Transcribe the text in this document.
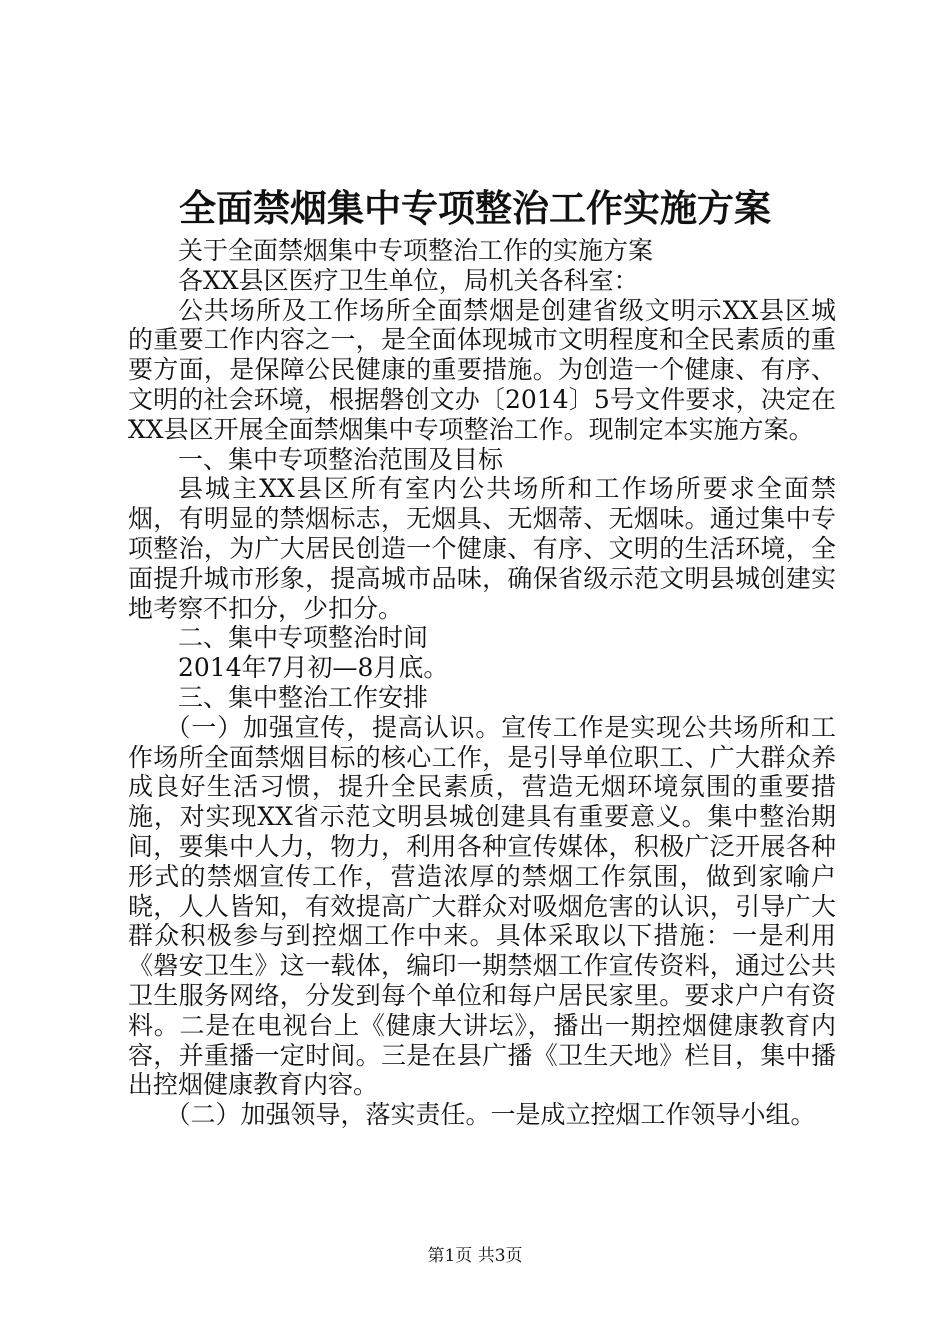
全面禁烟集中专项整治工作实施方案

关于全面禁烟集中专项整治工作的实施方案

各XX县区医疗卫生单位，局机关各科室：

公共场所及工作场所全面禁烟是创建省级文明示XX县区城的重要工作内容之一，是全面体现城市文明程度和全民素质的重要方面，是保障公民健康的重要措施。为创造一个健康、有序、文明的社会环境，根据磐创文办〔2014〕5号文件要求，决定在XX县区开展全面禁烟集中专项整治工作。现制定本实施方案。

一、集中专项整治范围及目标

县城主XX县区所有室内公共场所和工作场所要求全面禁烟，有明显的禁烟标志，无烟具、无烟蒂、无烟味。通过集中专项整治，为广大居民创造一个健康、有序、文明的生活环境，全面提升城市形象，提高城市品味，确保省级示范文明县城创建实地考察不扣分，少扣分。

二、集中专项整治时间

2014年7月初—8月底。

三、集中整治工作安排

（一）加强宣传，提高认识。宣传工作是实现公共场所和工作场所全面禁烟目标的核心工作，是引导单位职工、广大群众养成良好生活习惯，提升全民素质，营造无烟环境氛围的重要措施，对实现XX省示范文明县城创建具有重要意义。集中整治期间，要集中人力，物力，利用各种宣传媒体，积极广泛开展各种形式的禁烟宣传工作，营造浓厚的禁烟工作氛围，做到家喻户晓，人人皆知，有效提高广大群众对吸烟危害的认识，引导广大群众积极参与到控烟工作中来。具体采取以下措施：一是利用《磐安卫生》这一载体，编印一期禁烟工作宣传资料，通过公共卫生服务网络，分发到每个单位和每户居民家里。要求户户有资料。二是在电视台上《健康大讲坛》，播出一期控烟健康教育内容，并重播一定时间。三是在县广播《卫生天地》栏目，集中播出控烟健康教育内容。

（二）加强领导，落实责任。一是成立控烟工作领导小组。

第1页 共3页
